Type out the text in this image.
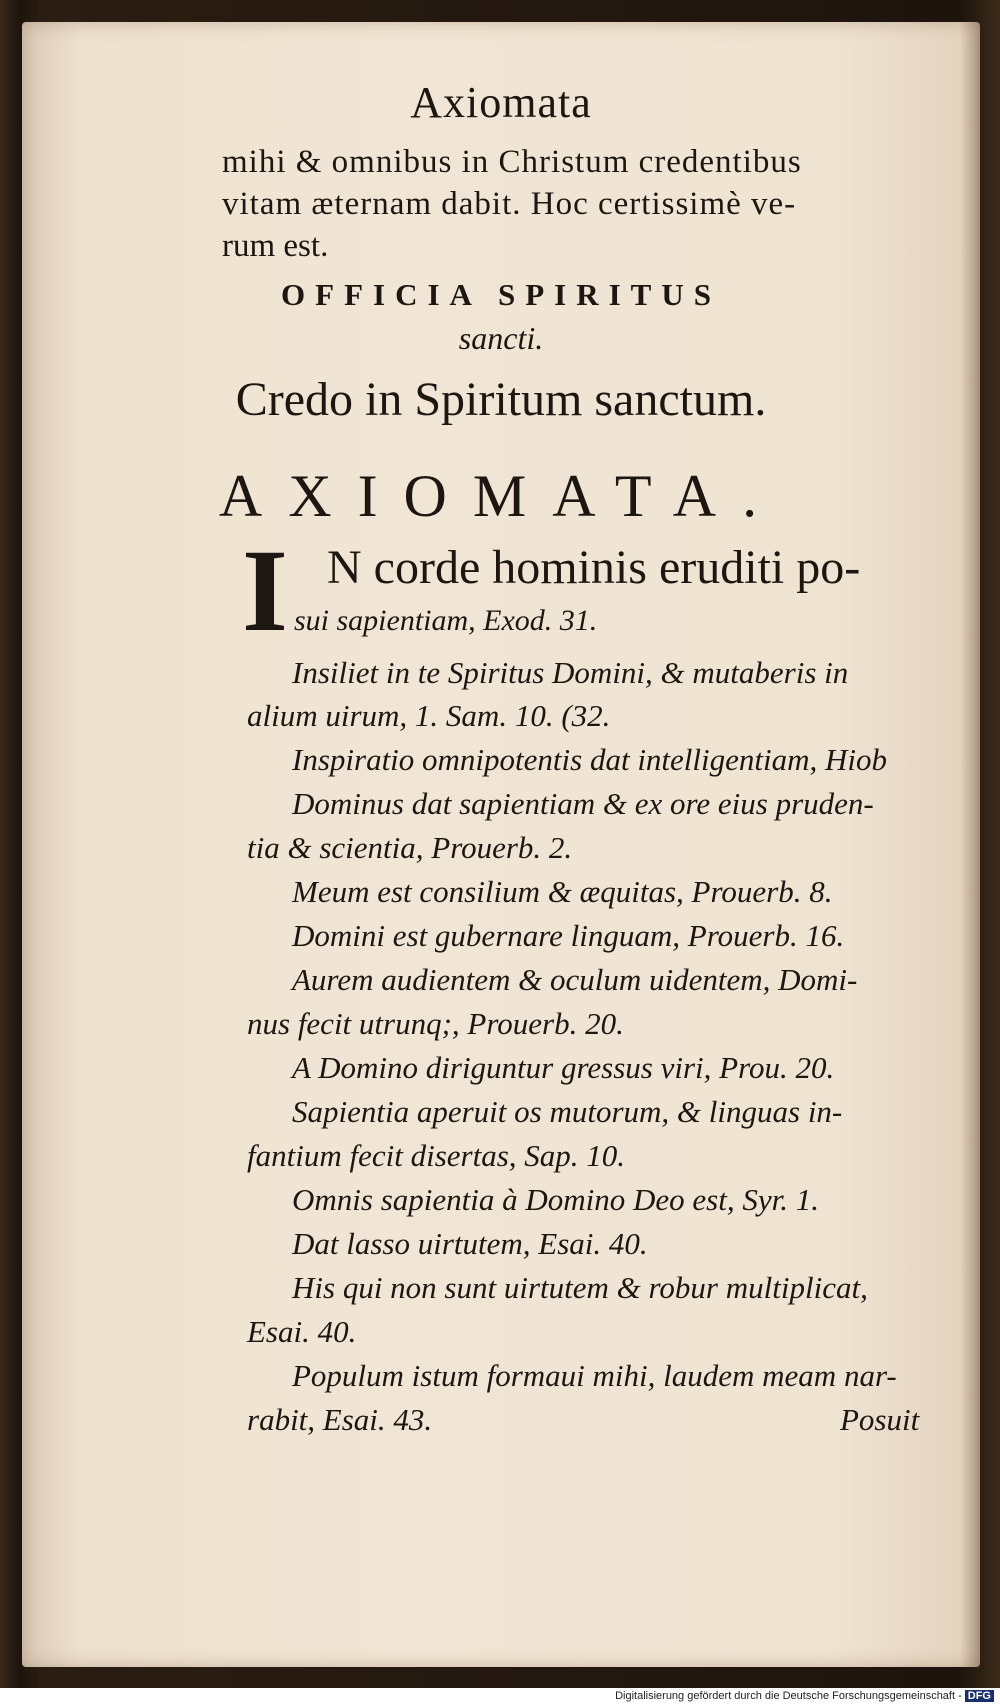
Axiomata
mihi & omnibus in Christum credentibus
vitam æternam dabit. Hoc certissimè ve-
rum est.
OFFICIA SPIRITUS
sancti.
Credo in Spiritum sanctum.
AXIOMATA.
I N corde hominis eruditi po-
sui sapientiam, Exod. 31.
Insiliet in te Spiritus Domini, & mutaberis in
alium uirum, 1. Sam. 10. (32.
Inspiratio omnipotentis dat intelligentiam, Hiob
Dominus dat sapientiam & ex ore eius pruden-
tia & scientia, Prouerb. 2.
Meum est consilium & æquitas, Prouerb. 8.
Domini est gubernare linguam, Prouerb. 16.
Aurem audientem & oculum uidentem, Domi-
nus fecit utrunq;, Prouerb. 20.
A Domino diriguntur gressus viri, Prou. 20.
Sapientia aperuit os mutorum, & linguas in-
fantium fecit disertas, Sap. 10.
Omnis sapientia à Domino Deo est, Syr. 1.
Dat lasso uirtutem, Esai. 40.
His qui non sunt uirtutem & robur multiplicat,
Esai. 40.
Populum istum formaui mihi, laudem meam nar-
rabit, Esai. 43.	Posuit
Digitalisierung gefördert durch die Deutsche Forschungsgemeinschaft - DFG
